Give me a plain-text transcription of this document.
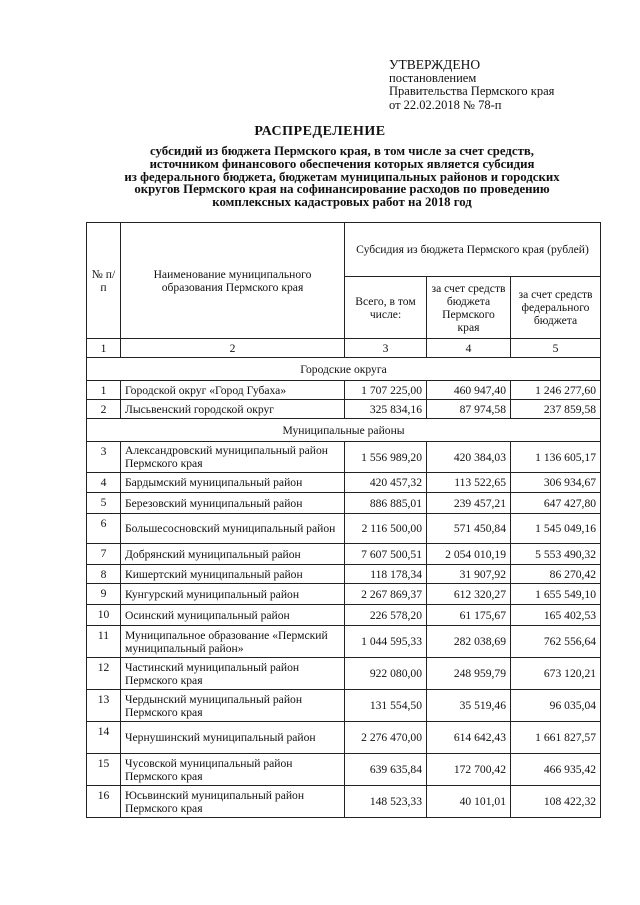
УТВЕРЖДЕНО
постановлением
Правительства Пермского края
от 22.02.2018 № 78-п
РАСПРЕДЕЛЕНИЕ
субсидий из бюджета Пермского края, в том числе за счет средств,
источником финансового обеспечения которых является субсидия
из федерального бюджета, бюджетам муниципальных районов и городских
округов Пермского края на софинансирование расходов по проведению
комплексных кадастровых работ на 2018 год
№ п/п	Наименование муниципального образования Пермского края	Субсидия из бюджета Пермского края (рублей)		
		Всего, в том числе:	за счет средств бюджета Пермского края	за счет средств федерального бюджета
1	2	3	4	5
Городские округа				
1	Городской округ «Город Губаха»	1 707 225,00	460 947,40	1 246 277,60
2	Лысьвенский городской округ	325 834,16	87 974,58	237 859,58
Муниципальные районы				
3	Александровский муниципальный район Пермского края	1 556 989,20	420 384,03	1 136 605,17
4	Бардымский муниципальный район	420 457,32	113 522,65	306 934,67
5	Березовский муниципальный район	886 885,01	239 457,21	647 427,80
6	Большесосновский муниципальный район	2 116 500,00	571 450,84	1 545 049,16
7	Добрянский муниципальный район	7 607 500,51	2 054 010,19	5 553 490,32
8	Кишертский муниципальный район	118 178,34	31 907,92	86 270,42
9	Кунгурский муниципальный район	2 267 869,37	612 320,27	1 655 549,10
10	Осинский муниципальный район	226 578,20	61 175,67	165 402,53
11	Муниципальное образование «Пермский муниципальный район»	1 044 595,33	282 038,69	762 556,64
12	Частинский муниципальный район Пермского края	922 080,00	248 959,79	673 120,21
13	Чердынский муниципальный район Пермского края	131 554,50	35 519,46	96 035,04
14	Чернушинский муниципальный район	2 276 470,00	614 642,43	1 661 827,57
15	Чусовской муниципальный район Пермского края	639 635,84	172 700,42	466 935,42
16	Юсьвинский муниципальный район Пермского края	148 523,33	40 101,01	108 422,32
